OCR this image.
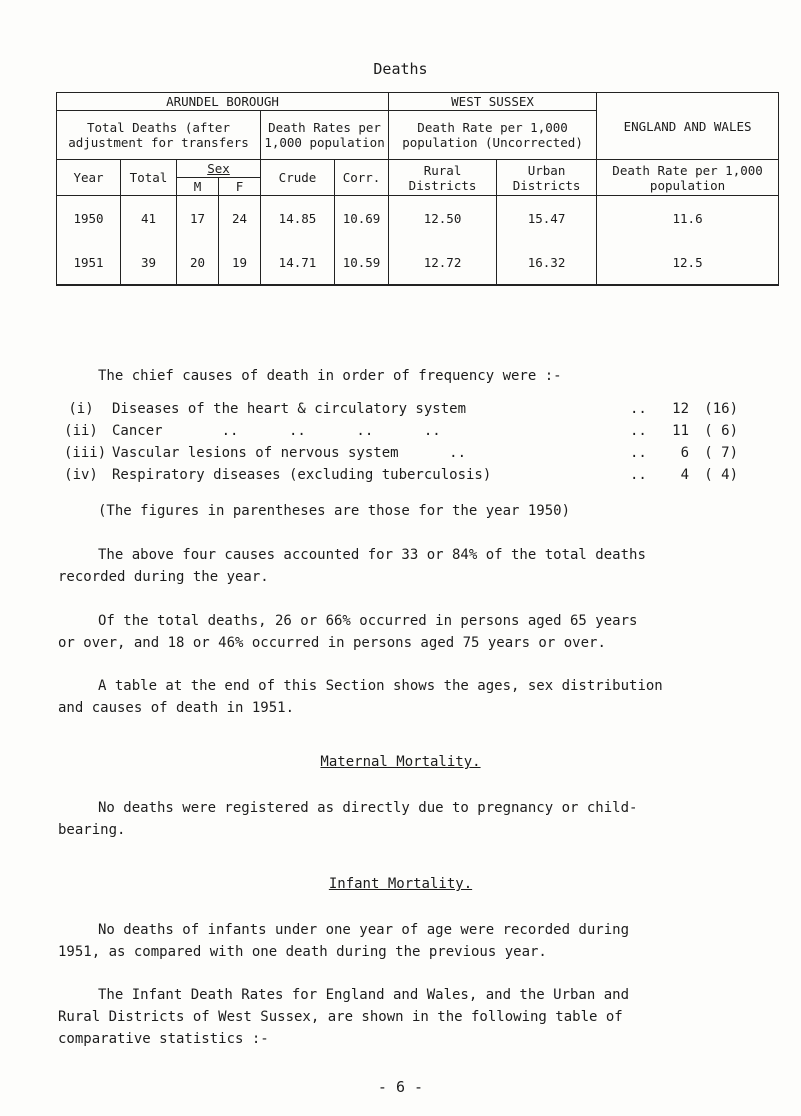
Deaths
ARUNDEL BOROUGH						WEST SUSSEX		ENGLAND AND WALES
Total Deaths (after adjustment for transfers				Death Rates per 1,000 population		Death Rate per 1,000 population (Uncorrected)		
Year	Total	Sex		Crude	Corr.	Rural Districts	Urban Districts	Death Rate per 1,000 population
		M	F					
1950	41	17	24	14.85	10.69	12.50	15.47	11.6
1951	39	20	19	14.71	10.59	12.72	16.32	12.5
The chief causes of death in order of frequency were :-
(i)	Diseases of the heart & circulatory system	..	12	(16)
(ii) Cancer       ..      ..      ..      ..	..	11	( 6)
(iii) Vascular lesions of nervous system      ..	..	6	( 7)
(iv) Respiratory diseases (excluding tuberculosis)	..	4	( 4)
(The figures in parentheses are those for the year 1950)
The above four causes accounted for 33 or 84% of the total deaths
recorded during the year.
Of the total deaths, 26 or 66% occurred in persons aged 65 years
or over, and 18 or 46% occurred in persons aged 75 years or over.
A table at the end of this Section shows the ages, sex distribution
and causes of death in 1951.
Maternal Mortality.
No deaths were registered as directly due to pregnancy or child-
bearing.
Infant Mortality.
No deaths of infants under one year of age were recorded during
1951, as compared with one death during the previous year.
The Infant Death Rates for England and Wales, and the Urban and
Rural Districts of West Sussex, are shown in the following table of
comparative statistics :-
- 6 -
